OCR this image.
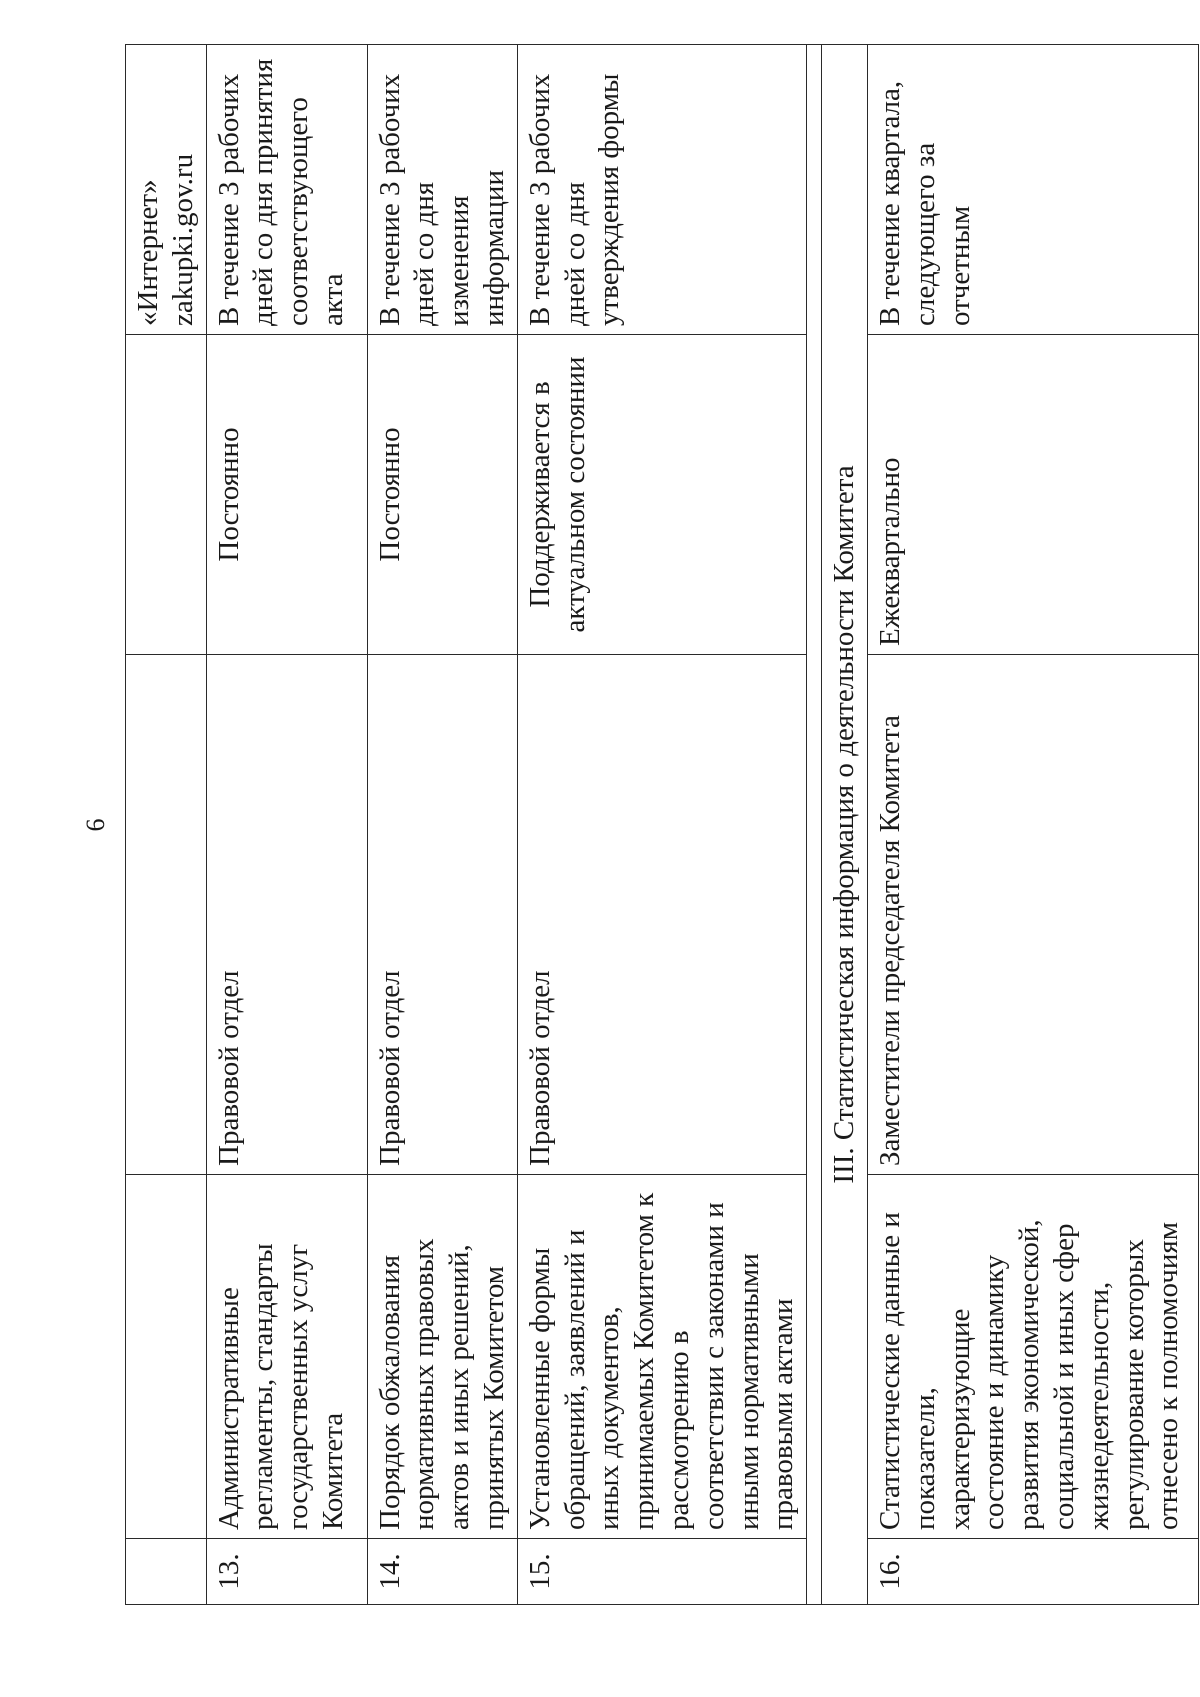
6
				«Интернет» zakupki.gov.ru
13.	Административные регламенты, стандарты государственных услуг Комитета	Правовой отдел	Постоянно	В течение 3 рабочих дней со дня принятия соответствующего акта
14.	Порядок обжалования нормативных правовых актов и иных решений, принятых Комитетом	Правовой отдел	Постоянно	В течение 3 рабочих дней со дня изменения информации
15.	Установленные формы обращений, заявлений и иных документов, принимаемых Комитетом к рассмотрению в соответствии с законами и иными нормативными правовыми актами	Правовой отдел	Поддерживается в актуальном состоянии	В течение 3 рабочих дней со дня утверждения формы

III. Статистическая информация о деятельности Комитета				
16.	Статистические данные и показатели, характеризующие состояние и динамику развития экономической, социальной и иных сфер жизнедеятельности, регулирование которых отнесено к полномочиям	Заместители председателя Комитета	Ежеквартально	В течение квартала, следующего за отчетным
